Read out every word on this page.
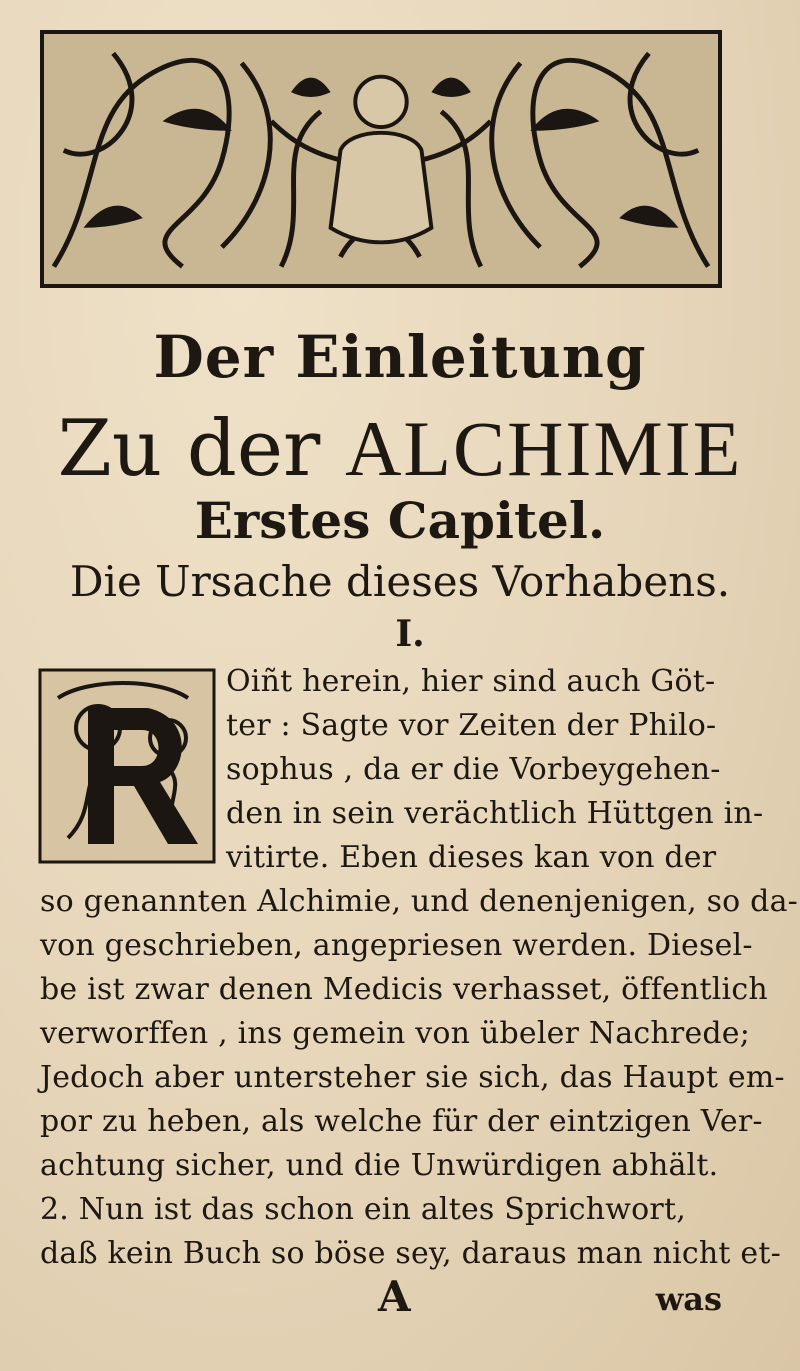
Der Einleitung
Zu der ALCHIMIE
Erstes Capitel.
Die Ursache dieses Vorhabens.
I.
Oiñt herein, hier sind auch Göt-
ter : Sagte vor Zeiten der Philo-
sophus , da er die Vorbeygehen-
den in sein verächtlich Hüttgen in-
vitirte. Eben dieses kan von der
so genannten Alchimie, und denenjenigen, so da-
von geschrieben, angepriesen werden. Diesel-
be ist zwar denen Medicis verhasset, öffentlich
verworffen , ins gemein von übeler Nachrede;
Jedoch aber untersteher sie sich, das Haupt em-
por zu heben, als welche für der eintzigen Ver-
achtung sicher, und die Unwürdigen abhält.
2. Nun ist das schon ein altes Sprichwort,
daß kein Buch so böse sey, daraus man nicht et-
A	was
